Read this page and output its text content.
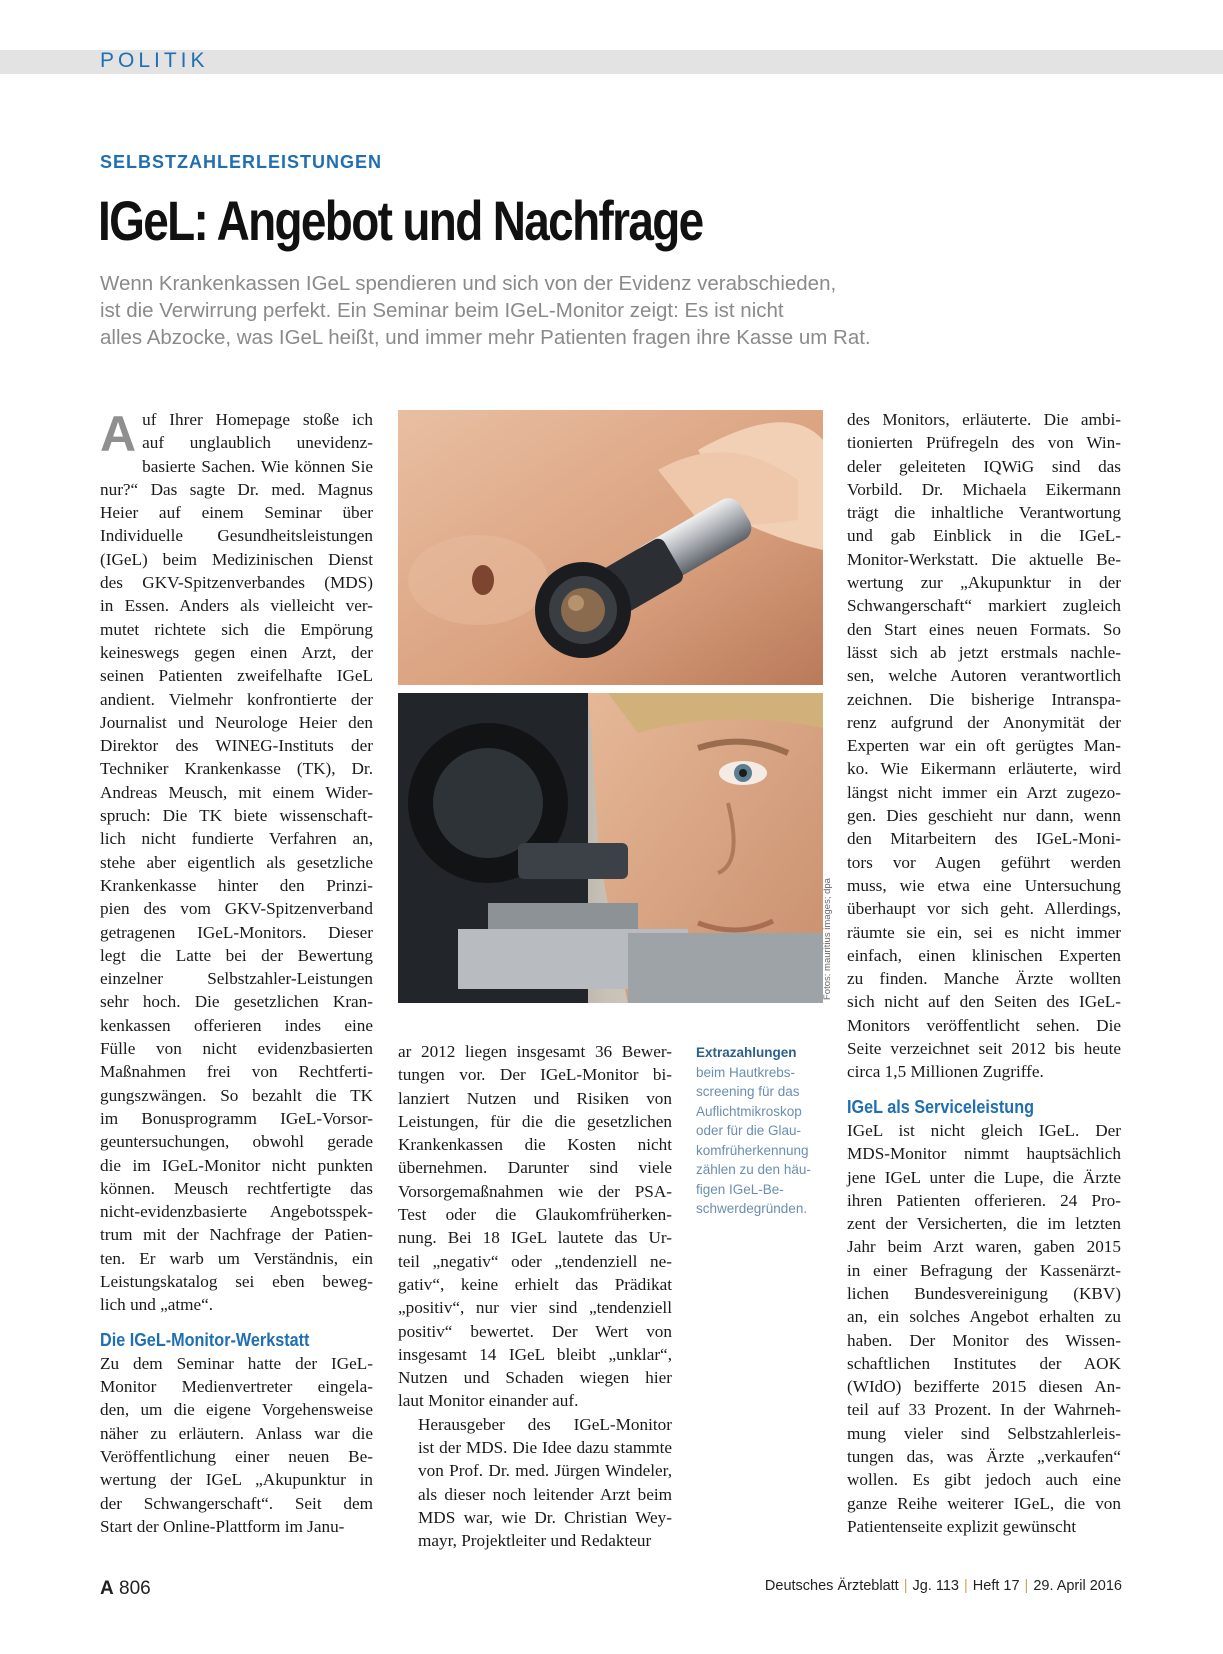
POLITIK
SELBSTZAHLERLEISTUNGEN
IGeL: Angebot und Nachfrage
Wenn Krankenkassen IGeL spendieren und sich von der Evidenz verabschieden,
ist die Verwirrung perfekt. Ein Seminar beim IGeL-Monitor zeigt: Es ist nicht
alles Abzocke, was IGeL heißt, und immer mehr Patienten fragen ihre Kasse um Rat.
A uf Ihrer Homepage stoße ich
auf unglaublich unevidenz-
basierte Sachen. Wie können Sie
nur?“ Das sagte Dr. med. Magnus
Heier auf einem Seminar über
Individuelle Gesundheitsleistungen
(IGeL) beim Medizinischen Dienst
des GKV-Spitzenverbandes (MDS)
in Essen. Anders als vielleicht ver-
mutet richtete sich die Empörung
keineswegs gegen einen Arzt, der
seinen Patienten zweifelhafte IGeL
andient. Vielmehr konfrontierte der
Journalist und Neurologe Heier den
Direktor des WINEG-Instituts der
Techniker Krankenkasse (TK), Dr.
Andreas Meusch, mit einem Wider-
spruch: Die TK biete wissenschaft-
lich nicht fundierte Verfahren an,
stehe aber eigentlich als gesetzliche
Krankenkasse hinter den Prinzi-
pien des vom GKV-Spitzenverband
getragenen IGeL-Monitors. Dieser
legt die Latte bei der Bewertung
einzelner Selbstzahler-Leistungen
sehr hoch. Die gesetzlichen Kran-
kenkassen offerieren indes eine
Fülle von nicht evidenzbasierten
Maßnahmen frei von Rechtferti-
gungszwängen. So bezahlt die TK
im Bonusprogramm IGeL-Vorsor-
geuntersuchungen, obwohl gerade
die im IGeL-Monitor nicht punkten
können. Meusch rechtfertigte das
nicht-evidenzbasierte Angebotsspek-
trum mit der Nachfrage der Patien-
ten. Er warb um Verständnis, ein
Leistungskatalog sei eben beweg-
lich und „atme“.
Die IGeL-Monitor-Werkstatt
Zu dem Seminar hatte der IGeL-
Monitor Medienvertreter eingela-
den, um die eigene Vorgehensweise
näher zu erläutern. Anlass war die
Veröffentlichung einer neuen Be-
wertung der IGeL „Akupunktur in
der Schwangerschaft“. Seit dem
Start der Online-Plattform im Janu-
Fotos: mauritius images; dpa
Extrazahlungen
beim Hautkrebs-
screening für das
Auflichtmikroskop
oder für die Glau-
komfrüherkennung
zählen zu den häu-
figen IGeL-Be-
schwerdegründen.
ar 2012 liegen insgesamt 36 Bewer-
tungen vor. Der IGeL-Monitor bi-
lanziert Nutzen und Risiken von
Leistungen, für die die gesetzlichen
Krankenkassen die Kosten nicht
übernehmen. Darunter sind viele
Vorsorgemaßnahmen wie der PSA-
Test oder die Glaukomfrüherken-
nung. Bei 18 IGeL lautete das Ur-
teil „negativ“ oder „tendenziell ne-
gativ“, keine erhielt das Prädikat
„positiv“, nur vier sind „tendenziell
positiv“ bewertet. Der Wert von
insgesamt 14 IGeL bleibt „unklar“,
Nutzen und Schaden wiegen hier
laut Monitor einander auf.
Herausgeber des IGeL-Monitor
ist der MDS. Die Idee dazu stammte
von Prof. Dr. med. Jürgen Windeler,
als dieser noch leitender Arzt beim
MDS war, wie Dr. Christian Wey-
mayr, Projektleiter und Redakteur
des Monitors, erläuterte. Die ambi-
tionierten Prüfregeln des von Win-
deler geleiteten IQWiG sind das
Vorbild. Dr. Michaela Eikermann
trägt die inhaltliche Verantwortung
und gab Einblick in die IGeL-
Monitor-Werkstatt. Die aktuelle Be-
wertung zur „Akupunktur in der
Schwangerschaft“ markiert zugleich
den Start eines neuen Formats. So
lässt sich ab jetzt erstmals nachle-
sen, welche Autoren verantwortlich
zeichnen. Die bisherige Intranspa-
renz aufgrund der Anonymität der
Experten war ein oft gerügtes Man-
ko. Wie Eikermann erläuterte, wird
längst nicht immer ein Arzt zugezo-
gen. Dies geschieht nur dann, wenn
den Mitarbeitern des IGeL-Moni-
tors vor Augen geführt werden
muss, wie etwa eine Untersuchung
überhaupt vor sich geht. Allerdings,
räumte sie ein, sei es nicht immer
einfach, einen klinischen Experten
zu finden. Manche Ärzte wollten
sich nicht auf den Seiten des IGeL-
Monitors veröffentlicht sehen. Die
Seite verzeichnet seit 2012 bis heute
circa 1,5 Millionen Zugriffe.
IGeL als Serviceleistung
IGeL ist nicht gleich IGeL. Der
MDS-Monitor nimmt hauptsächlich
jene IGeL unter die Lupe, die Ärzte
ihren Patienten offerieren. 24 Pro-
zent der Versicherten, die im letzten
Jahr beim Arzt waren, gaben 2015
in einer Befragung der Kassenärzt-
lichen Bundesvereinigung (KBV)
an, ein solches Angebot erhalten zu
haben. Der Monitor des Wissen-
schaftlichen Institutes der AOK
(WIdO) bezifferte 2015 diesen An-
teil auf 33 Prozent. In der Wahrneh-
mung vieler sind Selbstzahlerleis-
tungen das, was Ärzte „verkaufen“
wollen. Es gibt jedoch auch eine
ganze Reihe weiterer IGeL, die von
Patientenseite explizit gewünscht
A 806	Deutsches Ärzteblatt | Jg. 113 | Heft 17 | 29. April 2016
